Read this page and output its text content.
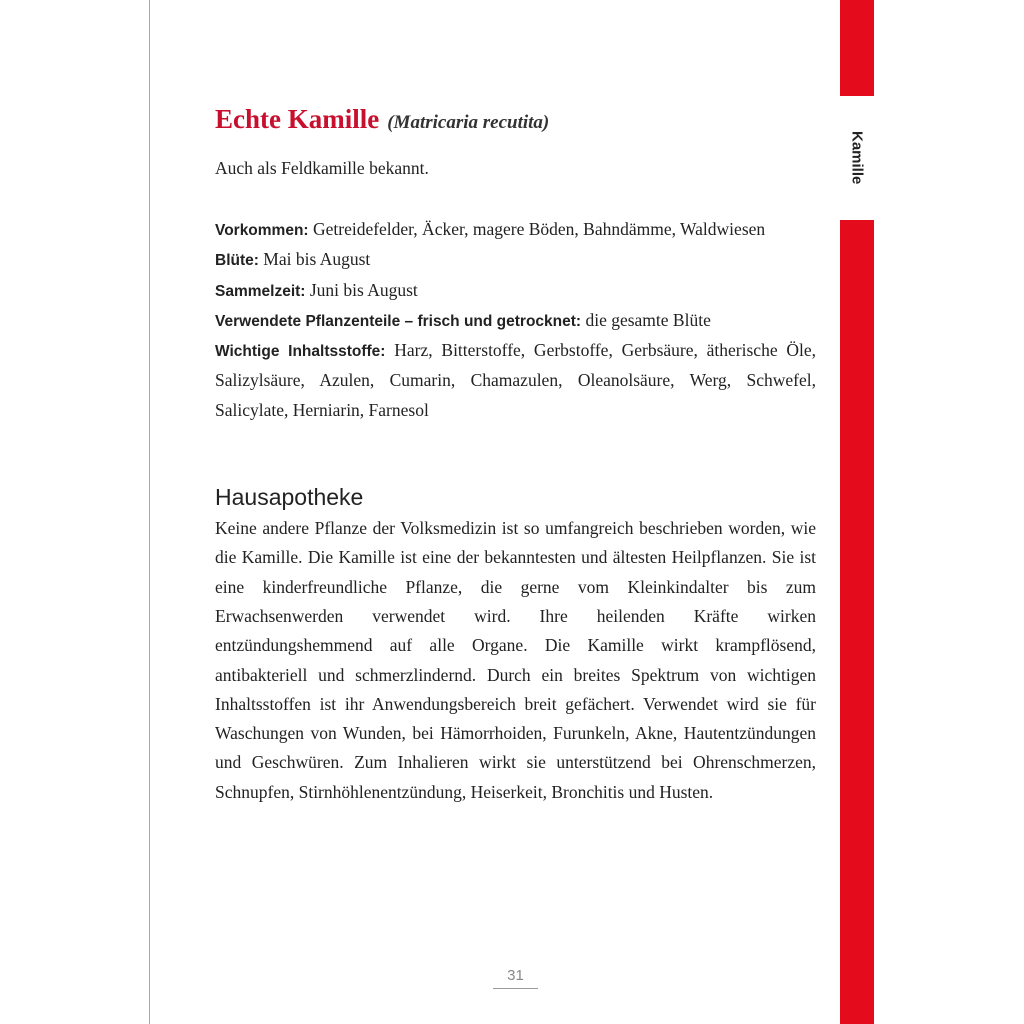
Kamille
Echte Kamille (Matricaria recutita)

Auch als Feldkamille bekannt.

Vorkommen: Getreidefelder, Äcker, magere Böden, Bahndämme, Waldwiesen

Blüte: Mai bis August

Sammelzeit: Juni bis August

Verwendete Pflanzenteile – frisch und getrocknet: die gesamte Blüte

Wichtige Inhaltsstoffe: Harz, Bitterstoffe, Gerbstoffe, Gerbsäure, ätherische Öle, Salizylsäure, Azulen, Cumarin, Chamazulen, Oleanolsäure, Werg, Schwefel, Salicylate, Herniarin, Farnesol

Hausapotheke

Keine andere Pflanze der Volksmedizin ist so umfangreich beschrieben worden, wie die Kamille. Die Kamille ist eine der bekanntesten und ältesten Heilpflanzen. Sie ist eine kinderfreundliche Pflanze, die gerne vom Kleinkindalter bis zum Erwachsenwerden verwendet wird. Ihre heilenden Kräfte wirken entzündungshemmend auf alle Organe. Die Kamille wirkt krampflösend, antibakteriell und schmerzlindernd. Durch ein breites Spektrum von wichtigen Inhaltsstoffen ist ihr Anwendungsbereich breit gefächert. Verwendet wird sie für Waschungen von Wunden, bei Hämorrhoiden, Furunkeln, Akne, Hautentzündungen und Geschwüren. Zum Inhalieren wirkt sie unterstützend bei Ohrenschmerzen, Schnupfen, Stirnhöhlenentzündung, Heiserkeit, Bronchitis und Husten.

31
